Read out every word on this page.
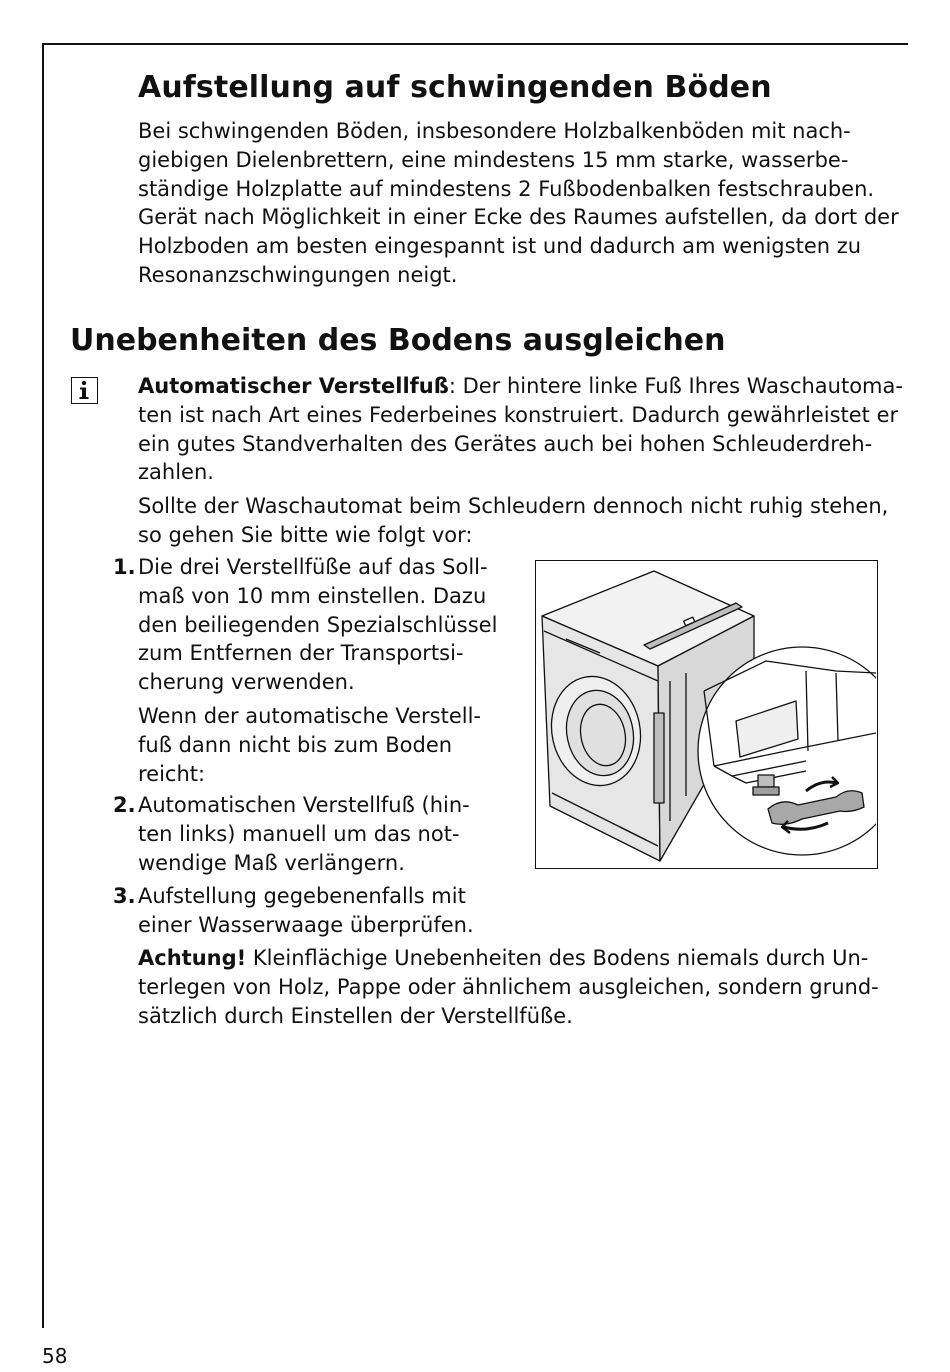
Aufstellung auf schwingenden Böden
Bei schwingenden Böden, insbesondere Holzbalkenböden mit nach-
giebigen Dielenbrettern, eine mindestens 15 mm starke, wasserbe-
ständige Holzplatte auf mindestens 2 Fußbodenbalken festschrauben.
Gerät nach Möglichkeit in einer Ecke des Raumes aufstellen, da dort der
Holzboden am besten eingespannt ist und dadurch am wenigsten zu
Resonanzschwingungen neigt.
Unebenheiten des Bodens ausgleichen
Automatischer Verstellfuß: Der hintere linke Fuß Ihres Waschautoma-
ten ist nach Art eines Federbeines konstruiert. Dadurch gewährleistet er
ein gutes Standverhalten des Gerätes auch bei hohen Schleuderdreh-
zahlen.
Sollte der Waschautomat beim Schleudern dennoch nicht ruhig stehen,
so gehen Sie bitte wie folgt vor:
1. Die drei Verstellfüße auf das Soll-
maß von 10 mm einstellen. Dazu
den beiliegenden Spezialschlüssel
zum Entfernen der Transportsi-
cherung verwenden.
Wenn der automatische Verstell-
fuß dann nicht bis zum Boden
reicht:
2. Automatischen Verstellfuß (hin-
ten links) manuell um das not-
wendige Maß verlängern.
3. Aufstellung gegebenenfalls mit
einer Wasserwaage überprüfen.
Achtung! Kleinflächige Unebenheiten des Bodens niemals durch Un-
terlegen von Holz, Pappe oder ähnlichem ausgleichen, sondern grund-
sätzlich durch Einstellen der Verstellfüße.
58
